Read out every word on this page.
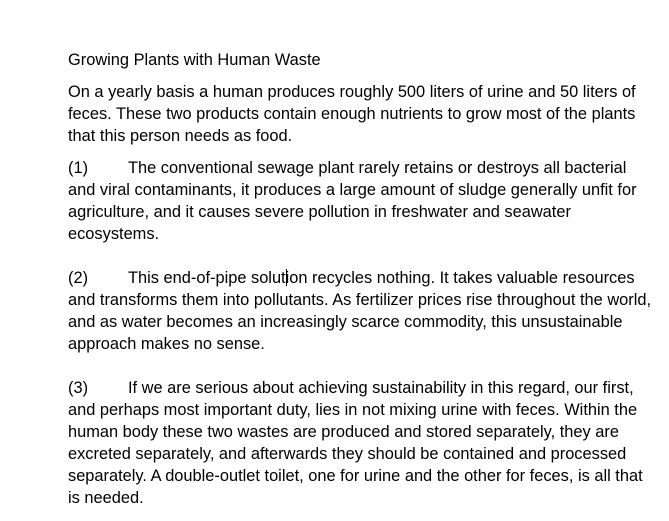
Growing Plants with Human Waste

On a yearly basis a human produces roughly 500 liters of urine and 50 liters of feces. These two products contain enough nutrients to grow most of the plants that this person needs as food.

(1) The conventional sewage plant rarely retains or destroys all bacterial and viral contaminants, it produces a large amount of sludge generally unfit for agriculture, and it causes severe pollution in freshwater and seawater ecosystems.

(2) This end-of-pipe solution recycles nothing. It takes valuable resources and transforms them into pollutants. As fertilizer prices rise throughout the world, and as water becomes an increasingly scarce commodity, this unsustainable approach makes no sense.

(3) If we are serious about achieving sustainability in this regard, our first, and perhaps most important duty, lies in not mixing urine with feces. Within the human body these two wastes are produced and stored separately, they are excreted separately, and afterwards they should be contained and processed separately. A double-outlet toilet, one for urine and the other for feces, is all that is needed.
